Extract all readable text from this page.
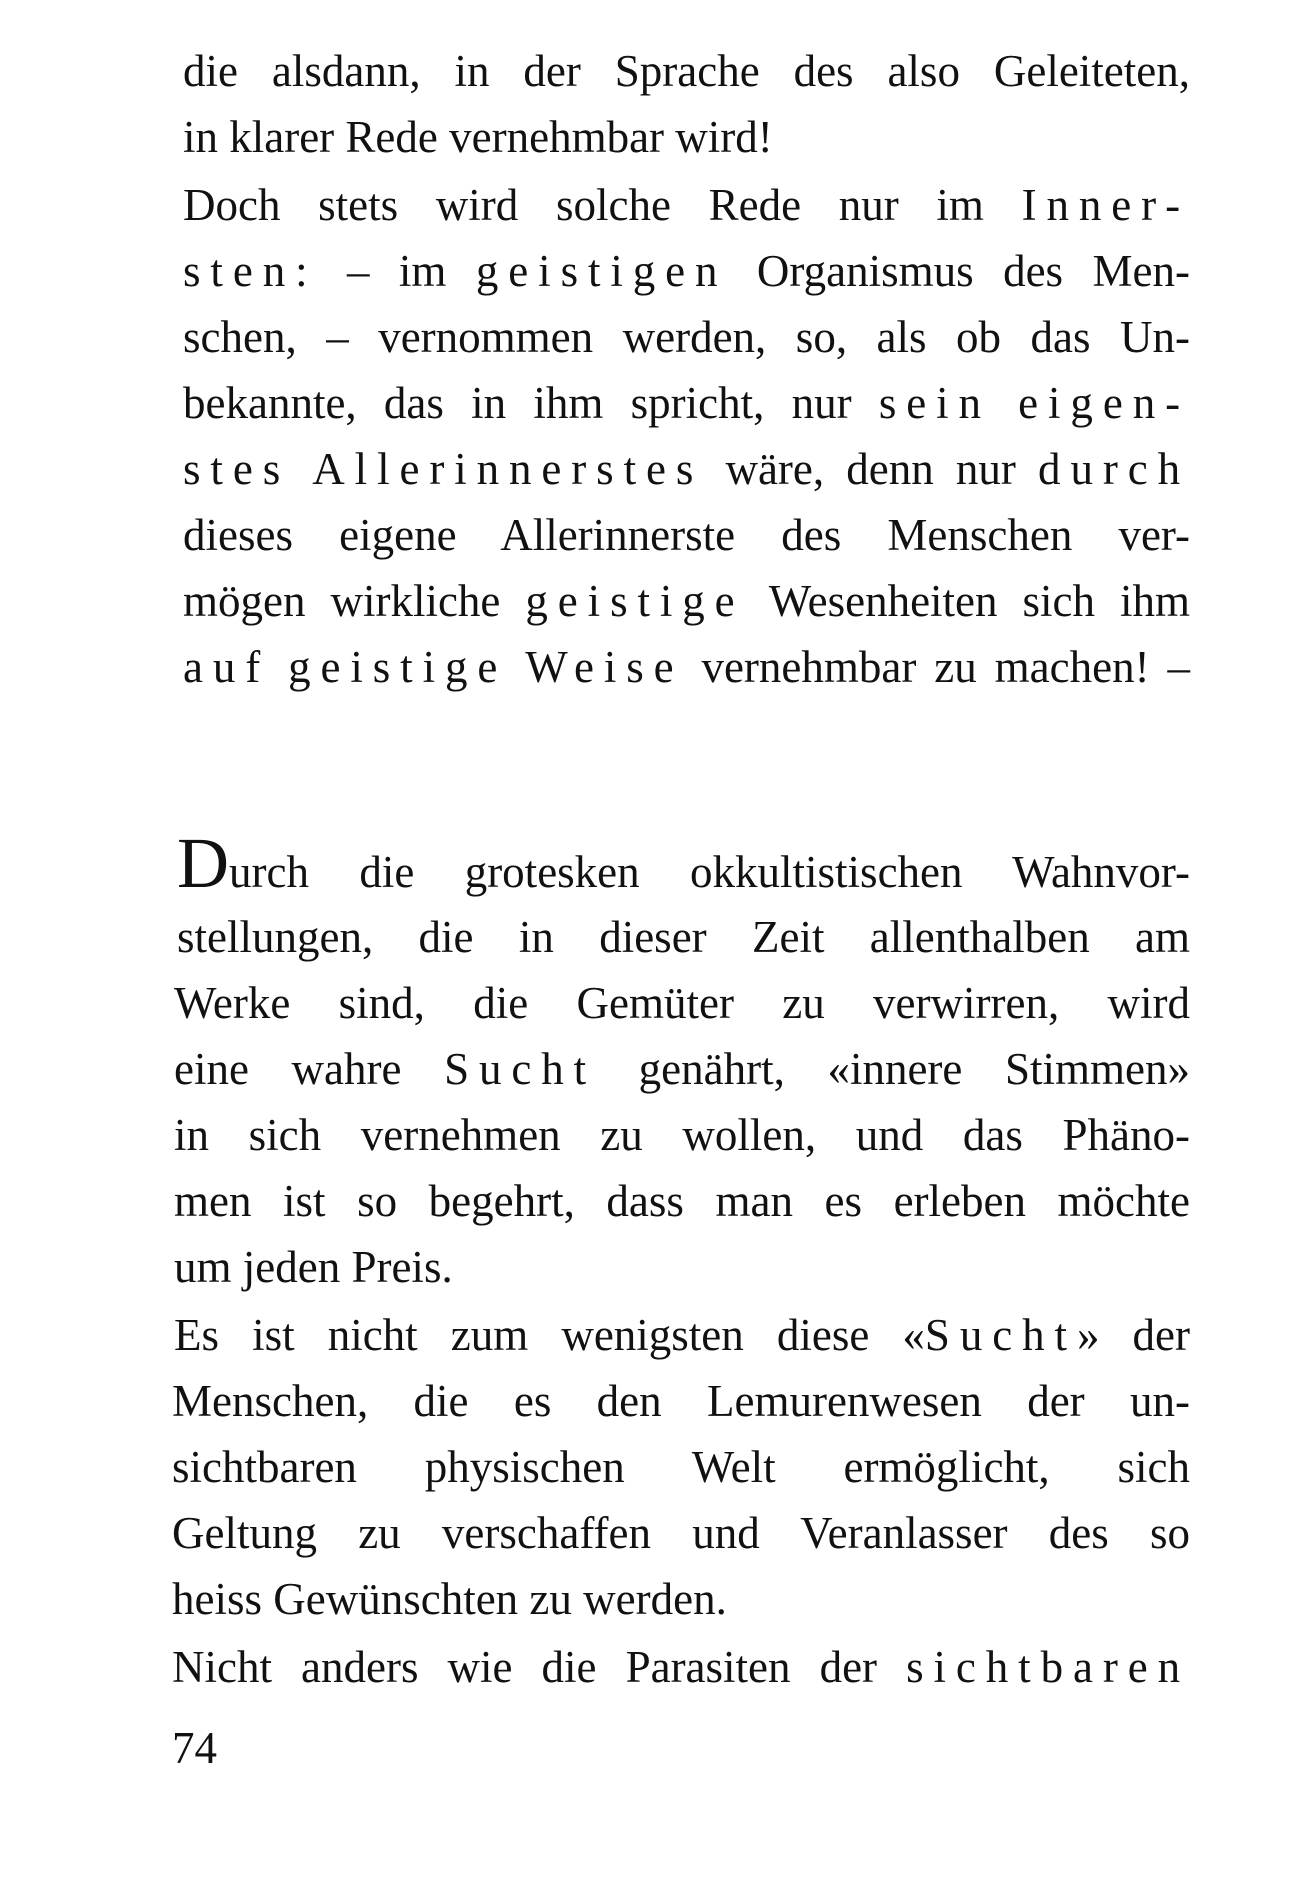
die alsdann, in der Sprache des also Geleiteten,
in klarer Rede vernehmbar wird!
Doch stets wird solche Rede nur im Inner-
sten: – im geistigen Organismus des Men-
schen, – vernommen werden, so, als ob das Un-
bekannte, das in ihm spricht, nur sein eigen-
stes Allerinnerstes wäre, denn nur durch
dieses eigene Allerinnerste des Menschen ver-
mögen wirkliche geistige Wesenheiten sich ihm
auf geistige Weise vernehmbar zu machen! –
Durch die grotesken okkultistischen Wahnvor-
stellungen, die in dieser Zeit allenthalben am
Werke sind, die Gemüter zu verwirren, wird
eine wahre Sucht genährt, «innere Stimmen»
in sich vernehmen zu wollen, und das Phäno-
men ist so begehrt, dass man es erleben möchte
um jeden Preis.
Es ist nicht zum wenigsten diese «Sucht» der
Menschen, die es den Lemurenwesen der un-
sichtbaren physischen Welt ermöglicht, sich
Geltung zu verschaffen und Veranlasser des so
heiss Gewünschten zu werden.
Nicht anders wie die Parasiten der sichtbaren
74
